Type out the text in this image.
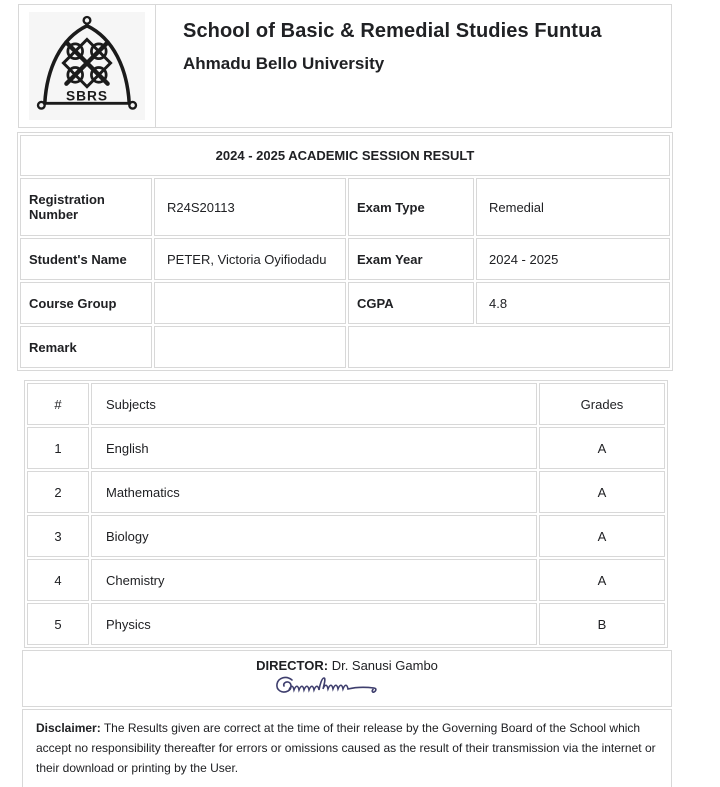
SBRS
School of Basic & Remedial Studies Funtua
Ahmadu Bello University
2024 - 2025 ACADEMIC SESSION RESULT			
Registration Number	R24S20113	Exam Type	Remedial
Student's Name	PETER, Victoria Oyifiodadu	Exam Year	2024 - 2025
Course Group		CGPA	4.8
Remark			
#	Subjects	Grades
1	English	A
2	Mathematics	A
3	Biology	A
4	Chemistry	A
5	Physics	B
DIRECTOR: Dr. Sanusi Gambo
Disclaimer: The Results given are correct at the time of their release by the Governing Board of the School which accept no responsibility thereafter for errors or omissions caused as the result of their transmission via the internet or their download or printing by the User.
